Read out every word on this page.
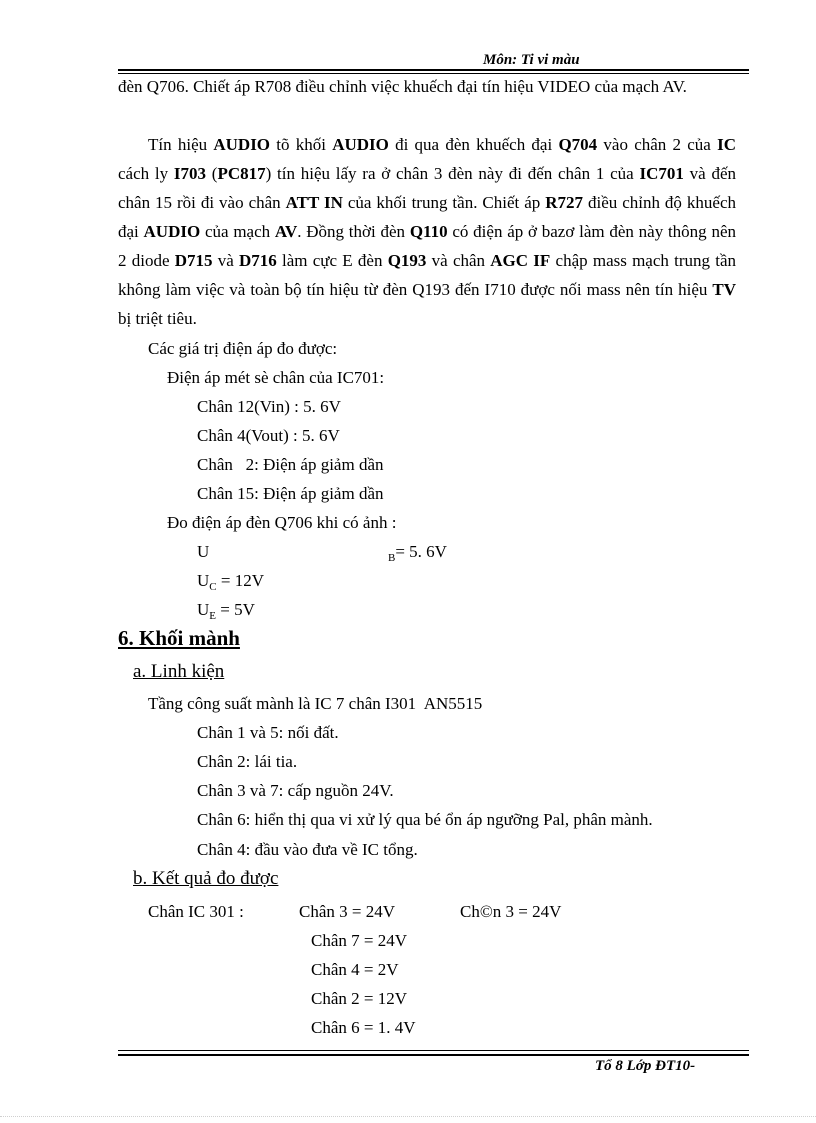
Môn: Ti vi màu
đèn Q706. Chiết áp R708 điều chỉnh việc khuếch đại tín hiệu VIDEO của mạch AV.
Tín hiệu AUDIO tõ khối AUDIO đi qua đèn khuếch đại Q704 vào chân 2 của IC cách ly I703 (PC817) tín hiệu lấy ra ở chân 3 đèn này đi đến chân 1 của IC701 và đến chân 15 rồi đi vào chân ATT IN của khối trung tần. Chiết áp R727 điều chỉnh độ khuếch đại AUDIO của mạch AV. Đồng thời đèn Q110 có điện áp ở bazơ làm đèn này thông nên 2 diode D715 và D716 làm cực E đèn Q193 và chân AGC IF chập mass mạch trung tần không làm việc và toàn bộ tín hiệu từ đèn Q193 đến I710 được nối mass nên tín hiệu TV bị triệt tiêu.
Các giá trị điện áp đo được:
Điện áp mét sè chân của IC701:
Chân 12(Vin) : 5. 6V
Chân 4(Vout) : 5. 6V
Chân   2: Điện áp giảm dần
Chân 15: Điện áp giảm dần
Đo điện áp đèn Q706 khi có ảnh :
U	$_B$= 5. 6V
$U_C = 12V$
$U_E = 5V$
6. Khối mành
a. Linh kiện
Tầng công suất mành là IC 7 chân I301  AN5515
Chân 1 và 5: nối đất.
Chân 2: lái tia.
Chân 3 và 7: cấp nguồn 24V.
Chân 6: hiển thị qua vi xử lý qua bé ổn áp ngưỡng Pal, phân mành.
Chân 4: đầu vào đưa về IC tổng.
b. Kết quả đo được
Chân IC 301 :	Chân 3 = 24V	Ch©n 3 = 24V
Chân 7 = 24V
Chân 4 = 2V
Chân 2 = 12V
Chân 6 = 1. 4V
Tổ 8 Lớp ĐT10-
